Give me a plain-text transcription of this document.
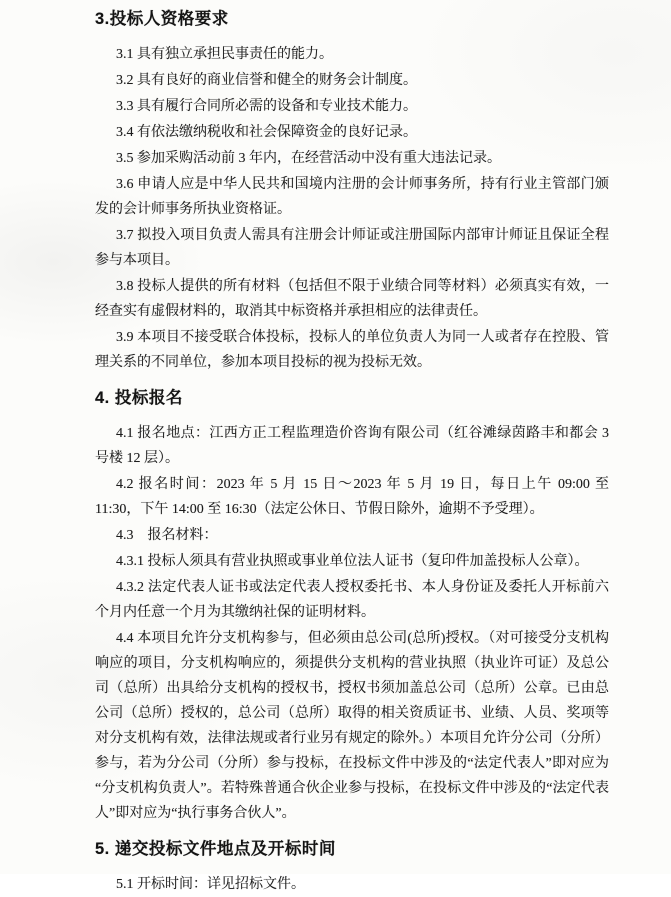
3.投标人资格要求

3.1 具有独立承担民事责任的能力。

3.2 具有良好的商业信誉和健全的财务会计制度。

3.3 具有履行合同所必需的设备和专业技术能力。

3.4 有依法缴纳税收和社会保障资金的良好记录。

3.5 参加采购活动前 3 年内，在经营活动中没有重大违法记录。

3.6 申请人应是中华人民共和国境内注册的会计师事务所，持有行业主管部门颁发的会计师事务所执业资格证。

3.7 拟投入项目负责人需具有注册会计师证或注册国际内部审计师证且保证全程参与本项目。

3.8 投标人提供的所有材料（包括但不限于业绩合同等材料）必须真实有效，一经查实有虚假材料的，取消其中标资格并承担相应的法律责任。

3.9 本项目不接受联合体投标，投标人的单位负责人为同一人或者存在控股、管理关系的不同单位，参加本项目投标的视为投标无效。

4. 投标报名

4.1 报名地点：江西方正工程监理造价咨询有限公司（红谷滩绿茵路丰和都会 3 号楼 12 层）。

4.2 报名时间：2023 年 5 月 15 日～2023 年 5 月 19 日，每日上午 09:00 至 11:30，下午 14:00 至 16:30（法定公休日、节假日除外，逾期不予受理）。

4.3　报名材料：

4.3.1 投标人须具有营业执照或事业单位法人证书（复印件加盖投标人公章）。

4.3.2 法定代表人证书或法定代表人授权委托书、本人身份证及委托人开标前六个月内任意一个月为其缴纳社保的证明材料。

4.4 本项目允许分支机构参与，但必须由总公司(总所)授权。（对可接受分支机构响应的项目，分支机构响应的，须提供分支机构的营业执照（执业许可证）及总公司（总所）出具给分支机构的授权书，授权书须加盖总公司（总所）公章。已由总公司（总所）授权的，总公司（总所）取得的相关资质证书、业绩、人员、奖项等对分支机构有效，法律法规或者行业另有规定的除外。）本项目允许分公司（分所）参与，若为分公司（分所）参与投标，在投标文件中涉及的“法定代表人”即对应为“分支机构负责人”。若特殊普通合伙企业参与投标，在投标文件中涉及的“法定代表人”即对应为“执行事务合伙人”。

5. 递交投标文件地点及开标时间

5.1 开标时间：详见招标文件。
